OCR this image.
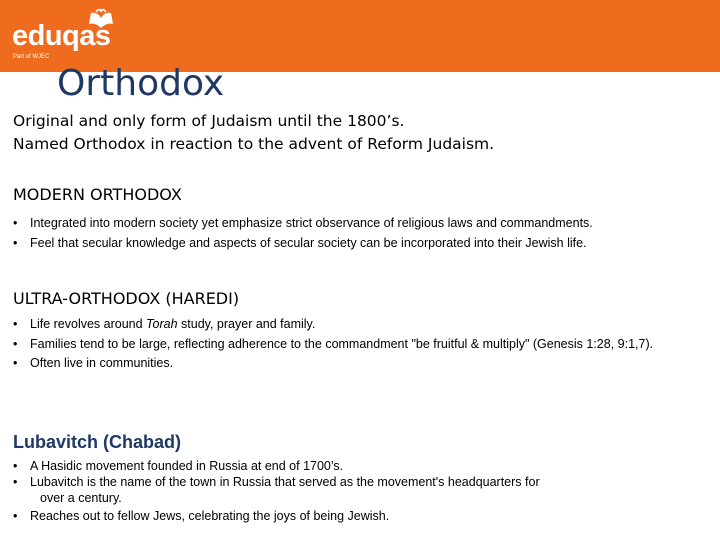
eduqas
Part of WJEC
Orthodox

Original and only form of Judaism until the 1800’s.
Named Orthodox in reaction to the advent of Reform Judaism.

MODERN ORTHODOX
• Integrated into modern society yet emphasize strict observance of religious laws and commandments.
• Feel that secular knowledge and aspects of secular society can be incorporated into their Jewish life.
ULTRA-ORTHODOX (HAREDI)
• Life revolves around Torah study, prayer and family.
• Families tend to be large, reflecting adherence to the commandment "be fruitful & multiply" (Genesis 1:28, 9:1,7).
• Often live in communities.
Lubavitch (Chabad)
• A Hasidic movement founded in Russia at end of 1700’s.
• Lubavitch is the name of the town in Russia that served as the movement's headquarters for
over a century.
• Reaches out to fellow Jews, celebrating the joys of being Jewish.
